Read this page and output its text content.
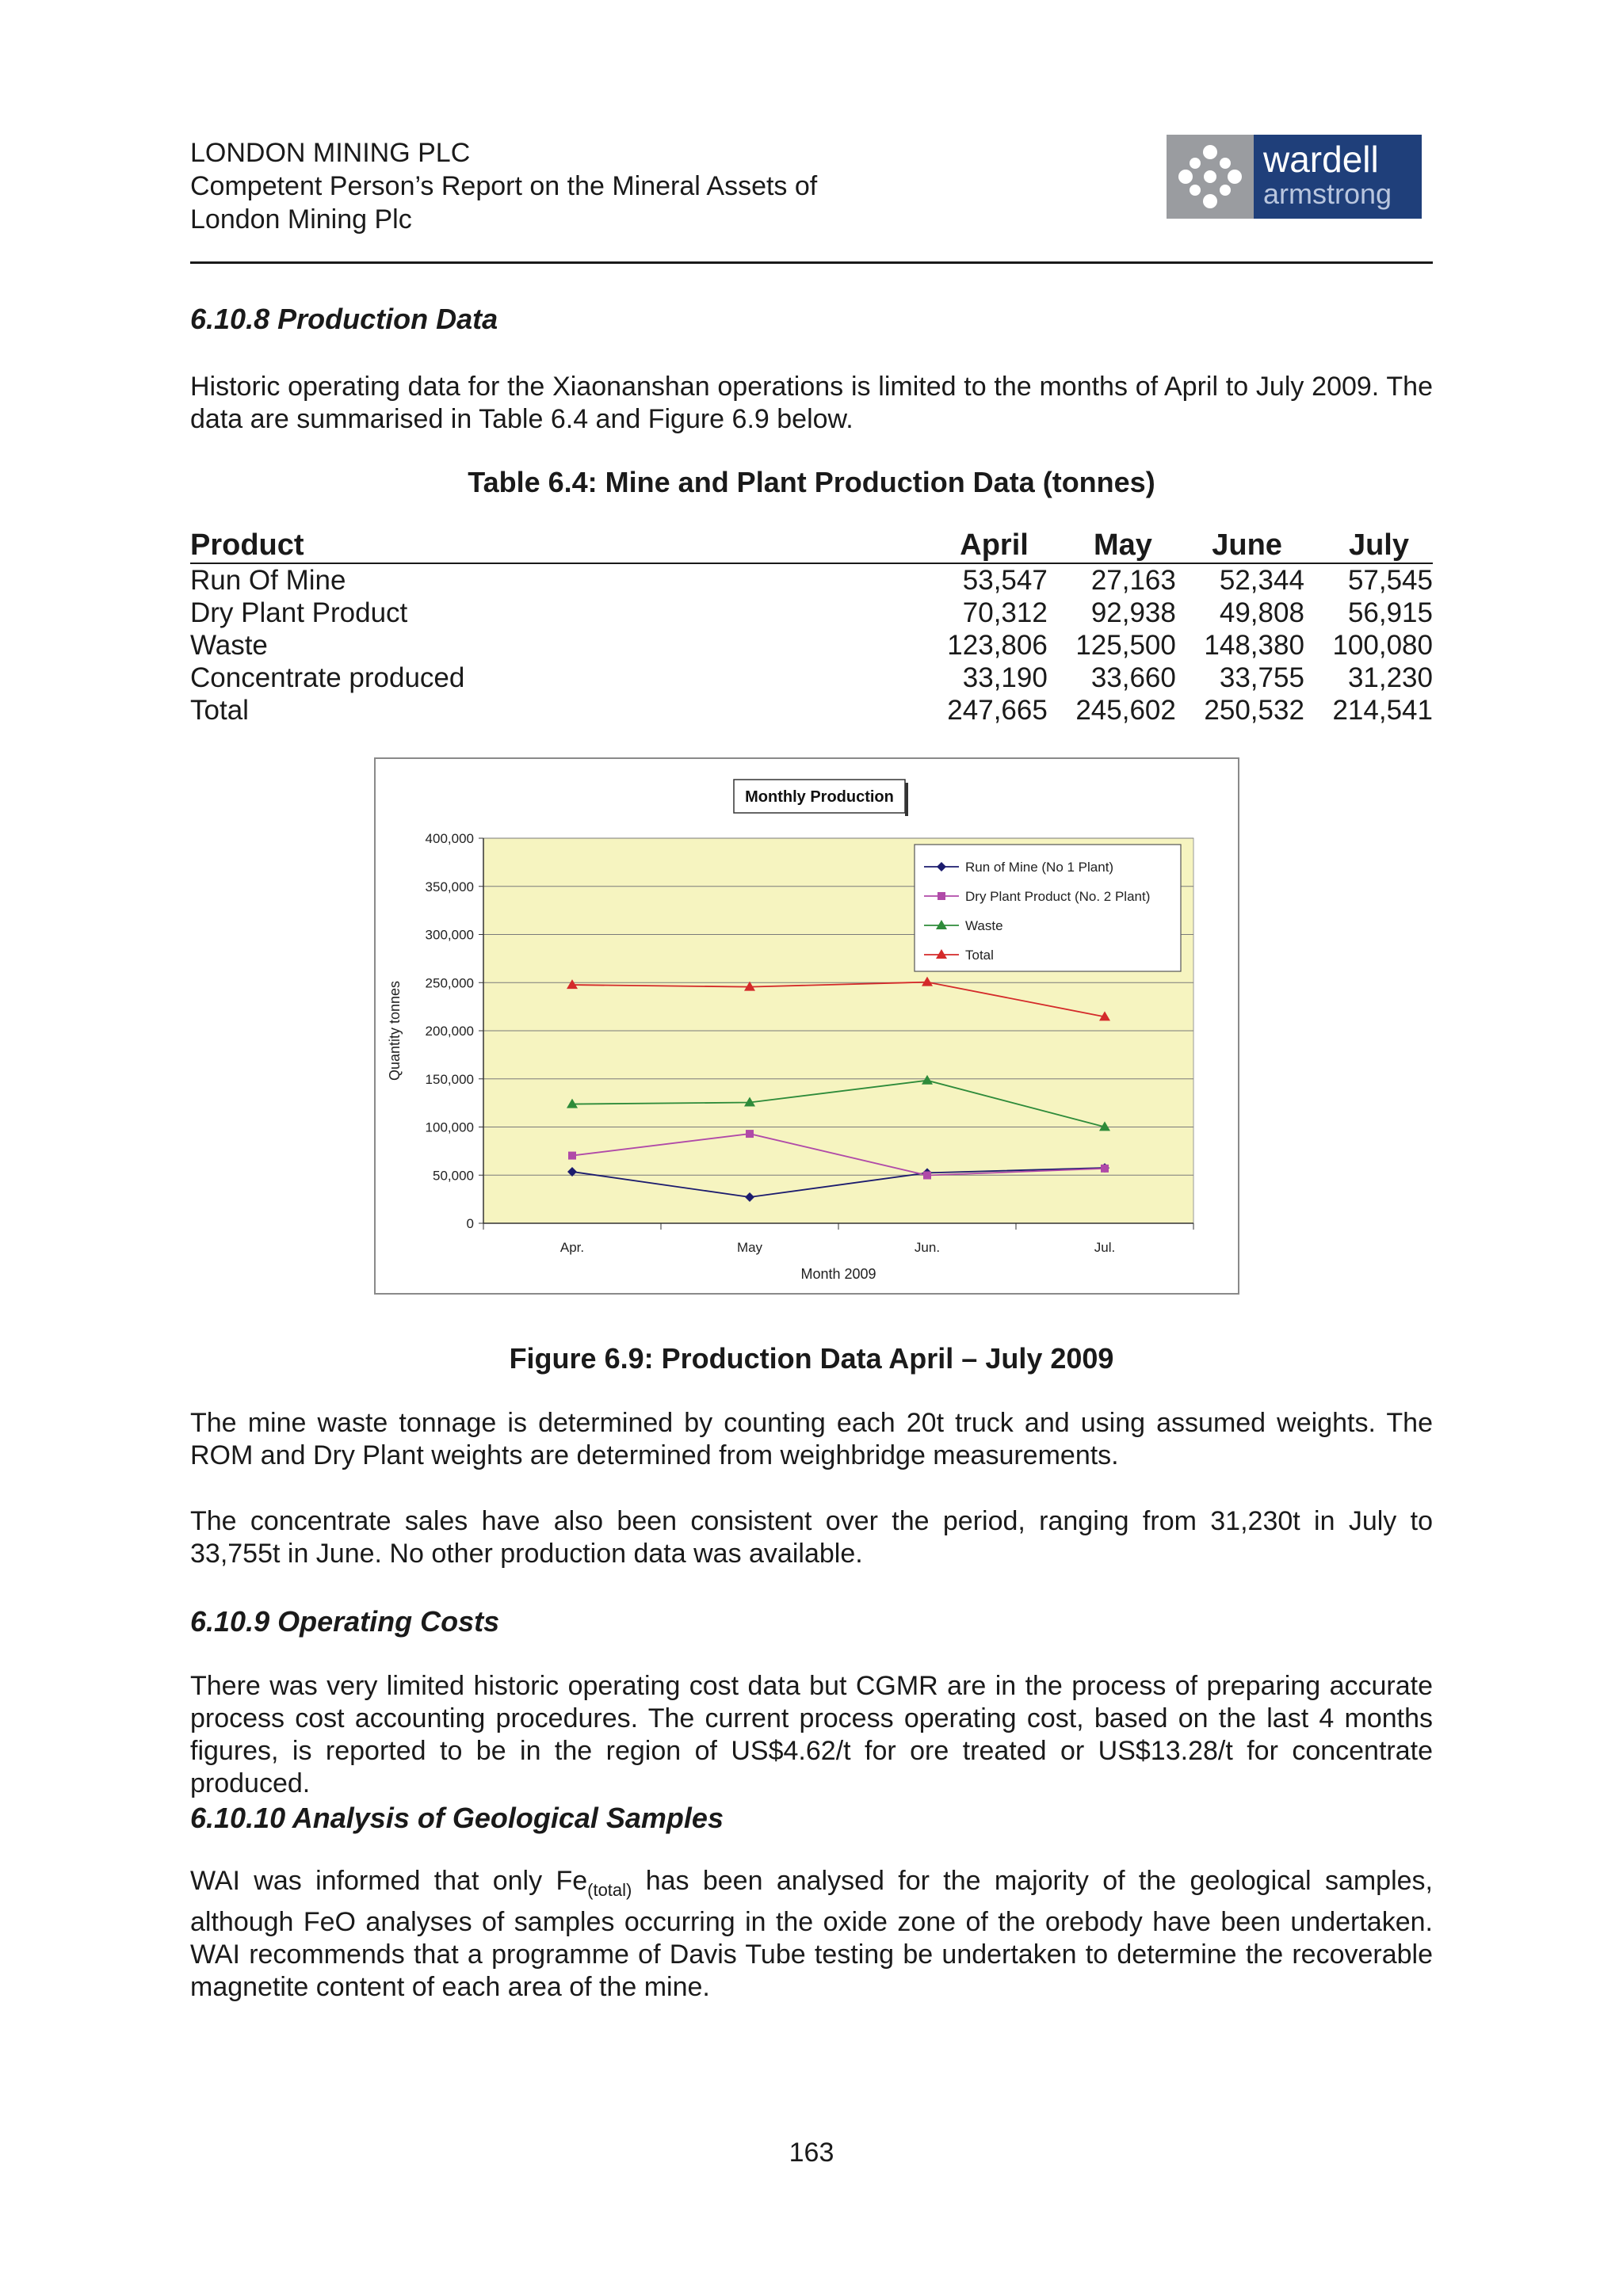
LONDON MINING PLC
Competent Person’s Report on the Mineral Assets of
London Mining Plc
wardell
armstrong
6.10.8 Production Data

Historic operating data for the Xiaonanshan operations is limited to the months of April to July 2009. The data are summarised in Table 6.4 and Figure 6.9 below.

Table 6.4: Mine and Plant Production Data (tonnes)
Product	April	May	June	July
Run Of Mine	53,547	27,163	52,344	57,545
Dry Plant Product	70,312	92,938	49,808	56,915
Waste	123,806	125,500	148,380	100,080
Concentrate produced	33,190	33,660	33,755	31,230
Total	247,665	245,602	250,532	214,541
0
50,000
100,000
150,000
200,000
250,000
300,000
350,000
400,000
Apr.	May	Jun.	Jul.
Month 2009
Quantity tonnes
Monthly Production
Run of Mine (No 1 Plant)
Dry Plant Product (No. 2 Plant)
Waste
Total
Figure 6.9: Production Data April – July 2009

The mine waste tonnage is determined by counting each 20t truck and using assumed weights. The ROM and Dry Plant weights are determined from weighbridge measurements.

The concentrate sales have also been consistent over the period, ranging from 31,230t in July to 33,755t in June. No other production data was available.

6.10.9 Operating Costs

There was very limited historic operating cost data but CGMR are in the process of preparing accurate process cost accounting procedures. The current process operating cost, based on the last 4 months figures, is reported to be in the region of US$4.62/t for ore treated or US$13.28/t for concentrate produced.

6.10.10 Analysis of Geological Samples

WAI was informed that only $Fe_{(total)}$ has been analysed for the majority of the geological samples, although FeO analyses of samples occurring in the oxide zone of the orebody have been undertaken. WAI recommends that a programme of Davis Tube testing be undertaken to determine the recoverable magnetite content of each area of the mine.

163
